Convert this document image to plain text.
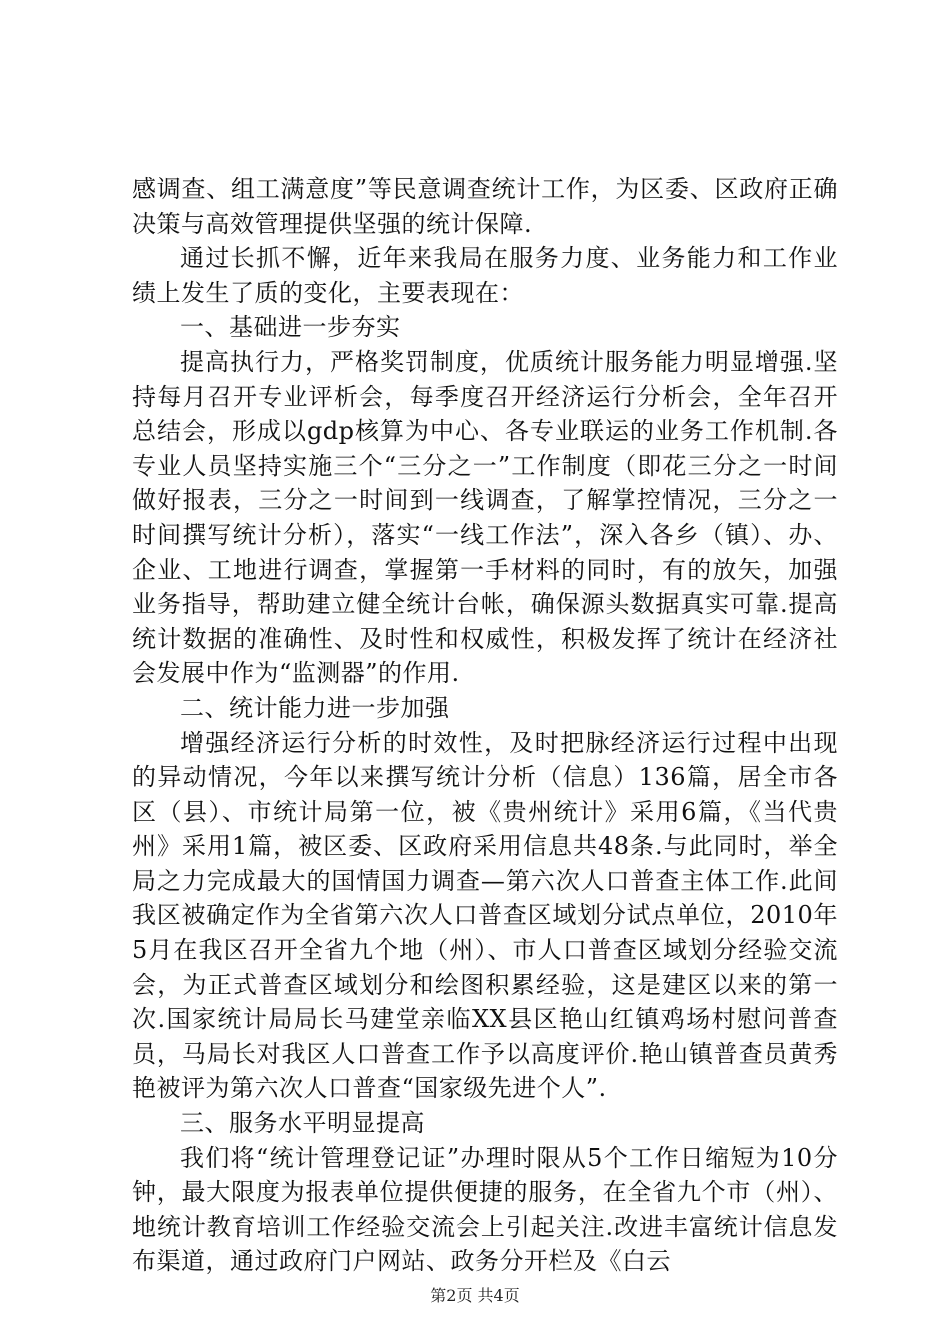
感调查、组工满意度”等民意调查统计工作，为区委、区政府正确决策与高效管理提供坚强的统计保障.

通过长抓不懈，近年来我局在服务力度、业务能力和工作业绩上发生了质的变化，主要表现在：

一、基础进一步夯实

提高执行力，严格奖罚制度，优质统计服务能力明显增强.坚持每月召开专业评析会，每季度召开经济运行分析会，全年召开总结会，形成以gdp核算为中心、各专业联运的业务工作机制.各专业人员坚持实施三个“三分之一”工作制度（即花三分之一时间做好报表，三分之一时间到一线调查，了解掌控情况，三分之一时间撰写统计分析），落实“一线工作法”，深入各乡（镇）、办、企业、工地进行调查，掌握第一手材料的同时，有的放矢，加强业务指导，帮助建立健全统计台帐，确保源头数据真实可靠.提高统计数据的准确性、及时性和权威性，积极发挥了统计在经济社会发展中作为“监测器”的作用.

二、统计能力进一步加强

增强经济运行分析的时效性，及时把脉经济运行过程中出现的异动情况，今年以来撰写统计分析（信息）136篇，居全市各区（县）、市统计局第一位，被《贵州统计》采用6篇，《当代贵州》采用1篇，被区委、区政府采用信息共48条.与此同时，举全局之力完成最大的国情国力调查—第六次人口普查主体工作.此间我区被确定作为全省第六次人口普查区域划分试点单位，2010年5月在我区召开全省九个地（州）、市人口普查区域划分经验交流会，为正式普查区域划分和绘图积累经验，这是建区以来的第一次.国家统计局局长马建堂亲临XX县区艳山红镇鸡场村慰问普查员，马局长对我区人口普查工作予以高度评价.艳山镇普查员黄秀艳被评为第六次人口普查“国家级先进个人”.

三、服务水平明显提高

我们将“统计管理登记证”办理时限从5个工作日缩短为10分钟，最大限度为报表单位提供便捷的服务，在全省九个市（州）、地统计教育培训工作经验交流会上引起关注.改进丰富统计信息发布渠道，通过政府门户网站、政务分开栏及《白云

第2页 共4页
